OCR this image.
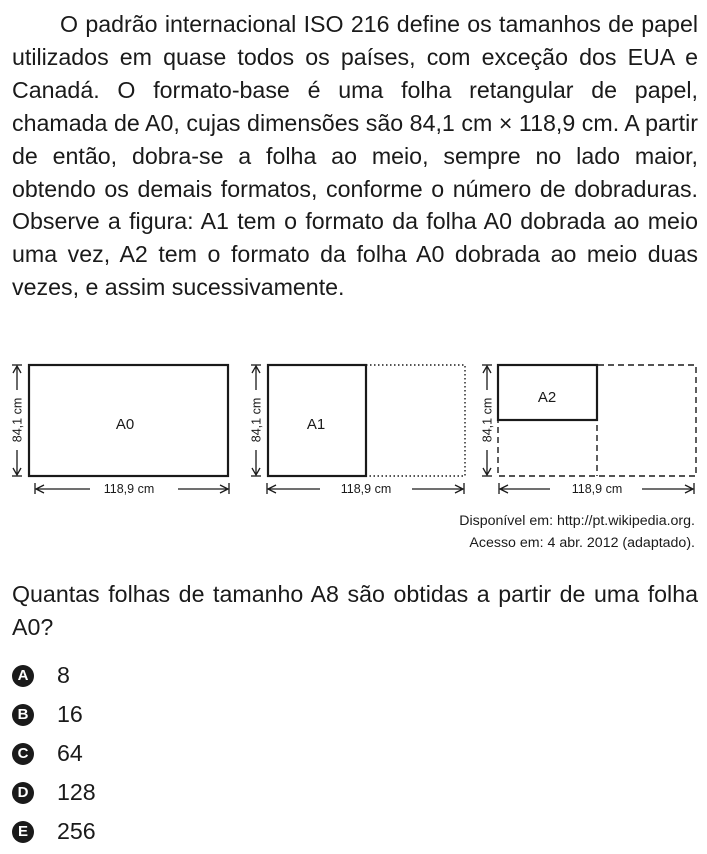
O padrão internacional ISO 216 define os tamanhos de papel utilizados em quase todos os países, com exceção dos EUA e Canadá. O formato-base é uma folha retangular de papel, chamada de A0, cujas dimensões são 84,1 cm × 118,9 cm. A partir de então, dobra-se a folha ao meio, sempre no lado maior, obtendo os demais formatos, conforme o número de dobraduras. Observe a figura: A1 tem o formato da folha A0 dobrada ao meio uma vez, A2 tem o formato da folha A0 dobrada ao meio duas vezes, e assim sucessivamente.

A0
84,1 cm
118,9 cm
A1
84,1 cm
118,9 cm
A2
84,1 cm
118,9 cm
Disponível em: http://pt.wikipedia.org.
Acesso em: 4 abr. 2012 (adaptado).

Quantas folhas de tamanho A8 são obtidas a partir de uma folha A0?

A 8
B 16
C 64
D 128
E 256
